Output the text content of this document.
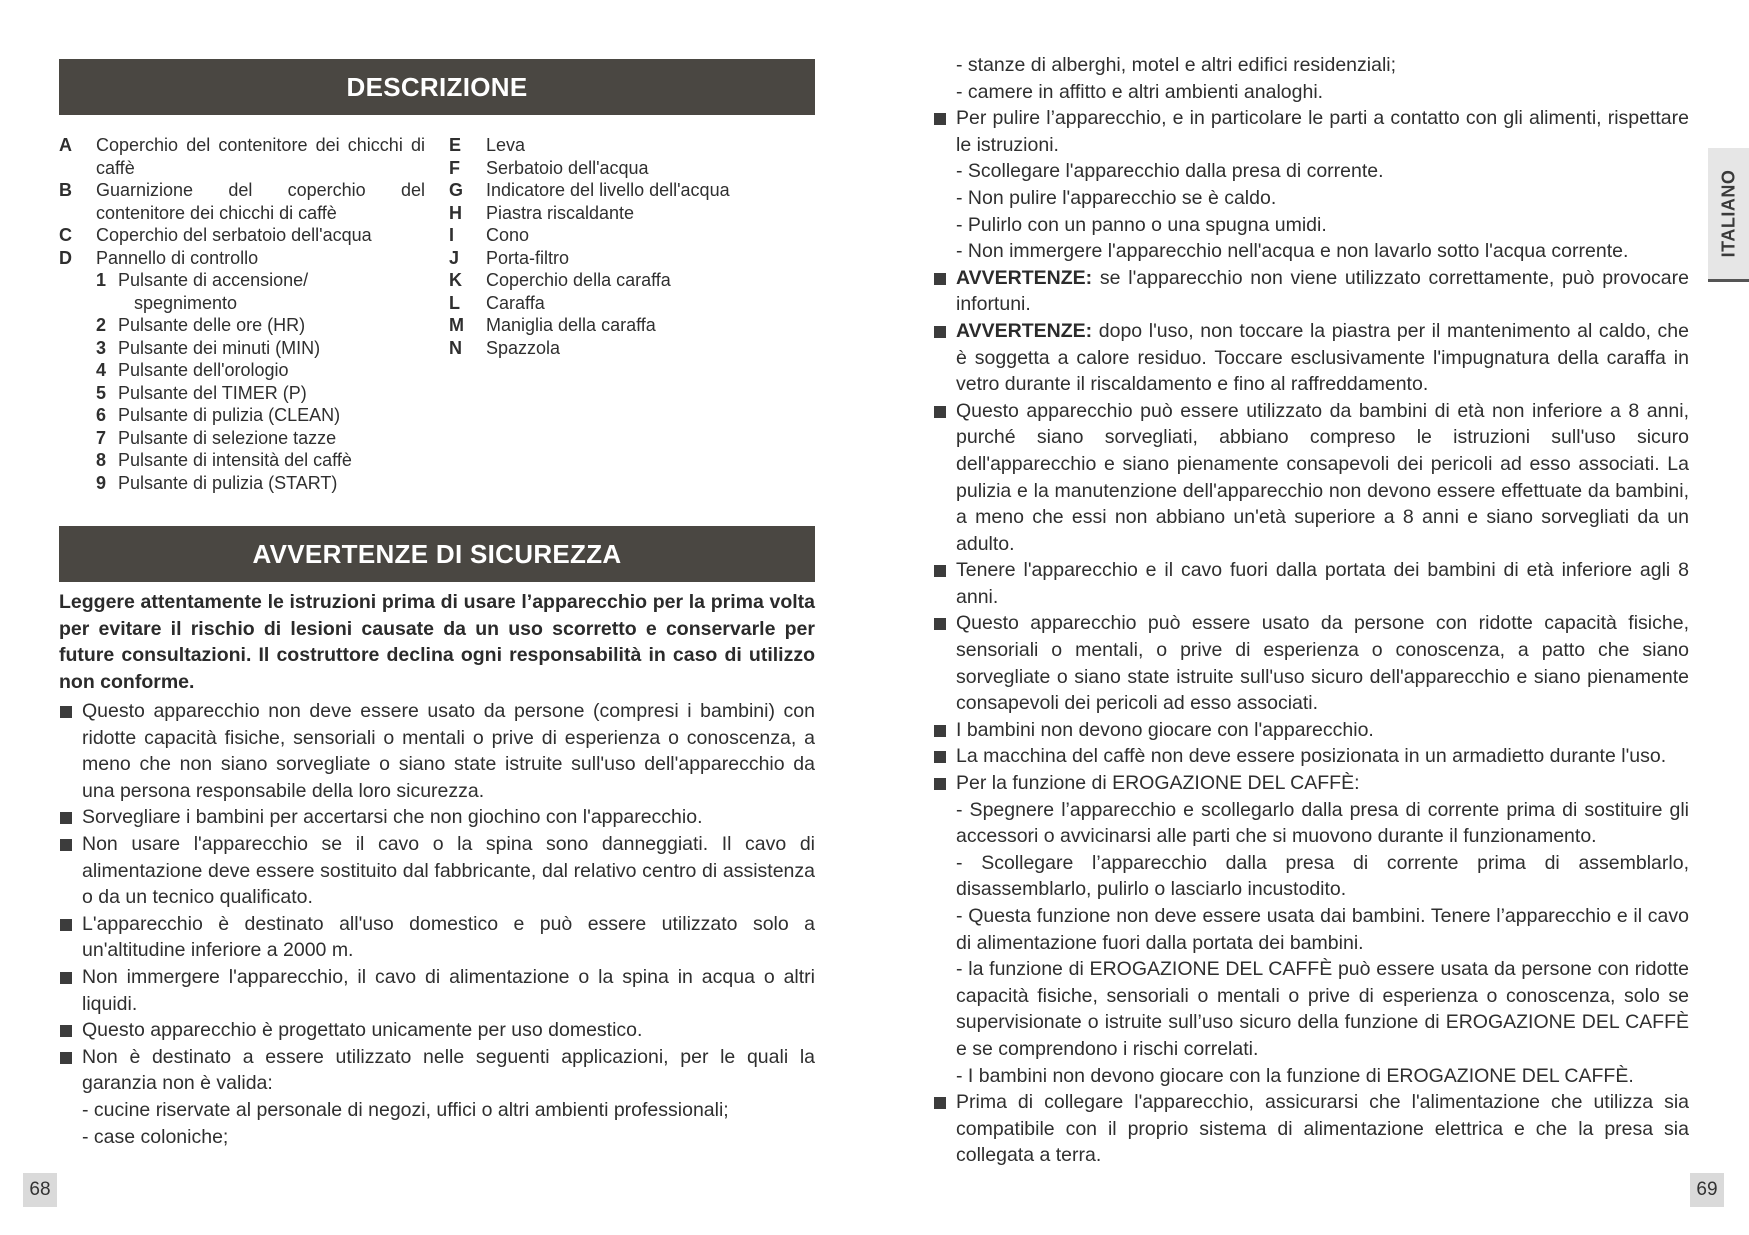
DESCRIZIONE
A	Coperchio del contenitore dei chicchi di caffè
B	Guarnizione del coperchio del contenitore dei chicchi di caffè
C	Coperchio del serbatoio dell'acqua
D	Pannello di controllo
1 Pulsante di accensione/
spegnimento
2 Pulsante delle ore (HR)
3 Pulsante dei minuti (MIN)
4 Pulsante dell'orologio
5 Pulsante del TIMER (P)
6 Pulsante di pulizia (CLEAN)
7 Pulsante di selezione tazze
8 Pulsante di intensità del caffè
9 Pulsante di pulizia (START)
E	Leva
F	Serbatoio dell'acqua
G	Indicatore del livello dell'acqua
H	Piastra riscaldante
I	Cono
J	Porta-filtro
K	Coperchio della caraffa
L	Caraffa
M	Maniglia della caraffa
N	Spazzola
AVVERTENZE DI SICUREZZA
Leggere attentamente le istruzioni prima di usare l’apparecchio per la prima volta per evitare il rischio di lesioni causate da un uso scorretto e conservarle per future consultazioni. Il costruttore declina ogni responsabilità in caso di utilizzo non conforme.
Questo apparecchio non deve essere usato da persone (compresi i bambini) con ridotte capacità fisiche, sensoriali o mentali o prive di esperienza o conoscenza, a meno che non siano sorvegliate o siano state istruite sull'uso dell'apparecchio da una persona responsabile della loro sicurezza.
Sorvegliare i bambini per accertarsi che non giochino con l'apparecchio.
Non usare l'apparecchio se il cavo o la spina sono danneggiati. Il cavo di alimentazione deve essere sostituito dal fabbricante, dal relativo centro di assistenza o da un tecnico qualificato.
L'apparecchio è destinato all'uso domestico e può essere utilizzato solo a un'altitudine inferiore a 2000 m.
Non immergere l'apparecchio, il cavo di alimentazione o la spina in acqua o altri liquidi.
Questo apparecchio è progettato unicamente per uso domestico.
Non è destinato a essere utilizzato nelle seguenti applicazioni, per le quali la garanzia non è valida:
- cucine riservate al personale di negozi, uffici o altri ambienti professionali;
- case coloniche;
68
- stanze di alberghi, motel e altri edifici residenziali;
- camere in affitto e altri ambienti analoghi.
Per pulire l’apparecchio, e in particolare le parti a contatto con gli alimenti, rispettare le istruzioni.
- Scollegare l'apparecchio dalla presa di corrente.
- Non pulire l'apparecchio se è caldo.
- Pulirlo con un panno o una spugna umidi.
- Non immergere l'apparecchio nell'acqua e non lavarlo sotto l'acqua corrente.
AVVERTENZE: se l'apparecchio non viene utilizzato correttamente, può provocare infortuni.
AVVERTENZE: dopo l'uso, non toccare la piastra per il mantenimento al caldo, che è soggetta a calore residuo. Toccare esclusivamente l'impugnatura della caraffa in vetro durante il riscaldamento e fino al raffreddamento.
Questo apparecchio può essere utilizzato da bambini di età non inferiore a 8 anni, purché siano sorvegliati, abbiano compreso le istruzioni sull'uso sicuro dell'apparecchio e siano pienamente consapevoli dei pericoli ad esso associati. La pulizia e la manutenzione dell'apparecchio non devono essere effettuate da bambini, a meno che essi non abbiano un'età superiore a 8 anni e siano sorvegliati da un adulto.
Tenere l'apparecchio e il cavo fuori dalla portata dei bambini di età inferiore agli 8 anni.
Questo apparecchio può essere usato da persone con ridotte capacità fisiche, sensoriali o mentali, o prive di esperienza o conoscenza, a patto che siano sorvegliate o siano state istruite sull'uso sicuro dell'apparecchio e siano pienamente consapevoli dei pericoli ad esso associati.
I bambini non devono giocare con l'apparecchio.
La macchina del caffè non deve essere posizionata in un armadietto durante l'uso.
Per la funzione di EROGAZIONE DEL CAFFÈ:
- Spegnere l’apparecchio e scollegarlo dalla presa di corrente prima di sostituire gli accessori o avvicinarsi alle parti che si muovono durante il funzionamento.
- Scollegare l’apparecchio dalla presa di corrente prima di assemblarlo, disassemblarlo, pulirlo o lasciarlo incustodito.
- Questa funzione non deve essere usata dai bambini. Tenere l’apparecchio e il cavo di alimentazione fuori dalla portata dei bambini.
- la funzione di EROGAZIONE DEL CAFFÈ può essere usata da persone con ridotte capacità fisiche, sensoriali o mentali o prive di esperienza o conoscenza, solo se supervisionate o istruite sull’uso sicuro della funzione di EROGAZIONE DEL CAFFÈ e se comprendono i rischi correlati.
- I bambini non devono giocare con la funzione di EROGAZIONE DEL CAFFÈ.
Prima di collegare l'apparecchio, assicurarsi che l'alimentazione che utilizza sia compatibile con il proprio sistema di alimentazione elettrica e che la presa sia collegata a terra.
ITALIANO
69
